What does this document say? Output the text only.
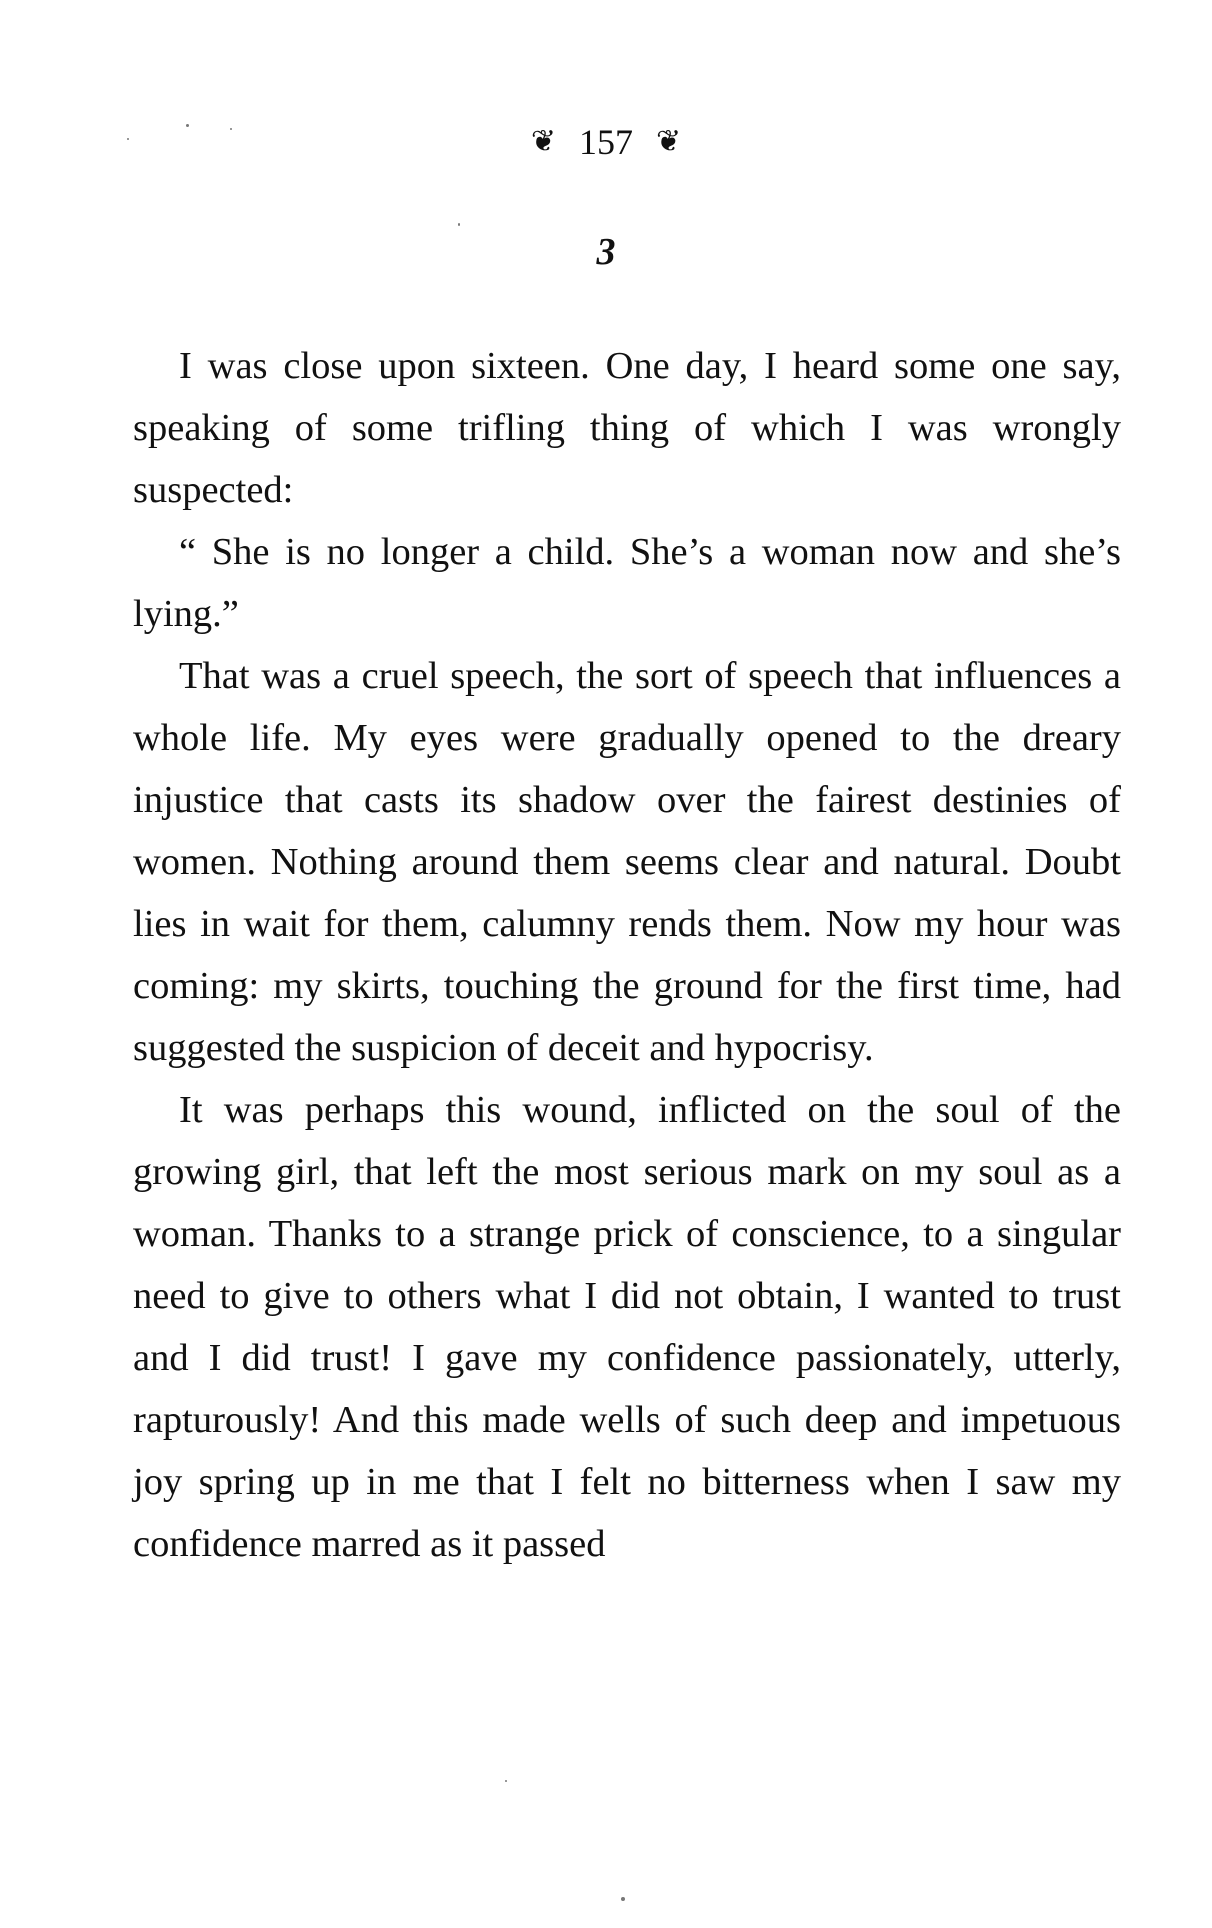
❦ 157 ❦
3

I was close upon sixteen. One day, I heard some one say, speaking of some trifling thing of which I was wrongly suspected:

“ She is no longer a child. She’s a woman now and she’s lying.”

That was a cruel speech, the sort of speech that influences a whole life. My eyes were gradually opened to the dreary injustice that casts its shadow over the fairest destinies of women. Nothing around them seems clear and natural. Doubt lies in wait for them, calumny rends them. Now my hour was coming: my skirts, touching the ground for the first time, had suggested the suspicion of deceit and hypocrisy.

It was perhaps this wound, inflicted on the soul of the growing girl, that left the most serious mark on my soul as a woman. Thanks to a strange prick of conscience, to a singular need to give to others what I did not obtain, I wanted to trust and I did trust! I gave my confidence passionately, utterly, rapturously! And this made wells of such deep and impetuous joy spring up in me that I felt no bitterness when I saw my confidence marred as it passed
